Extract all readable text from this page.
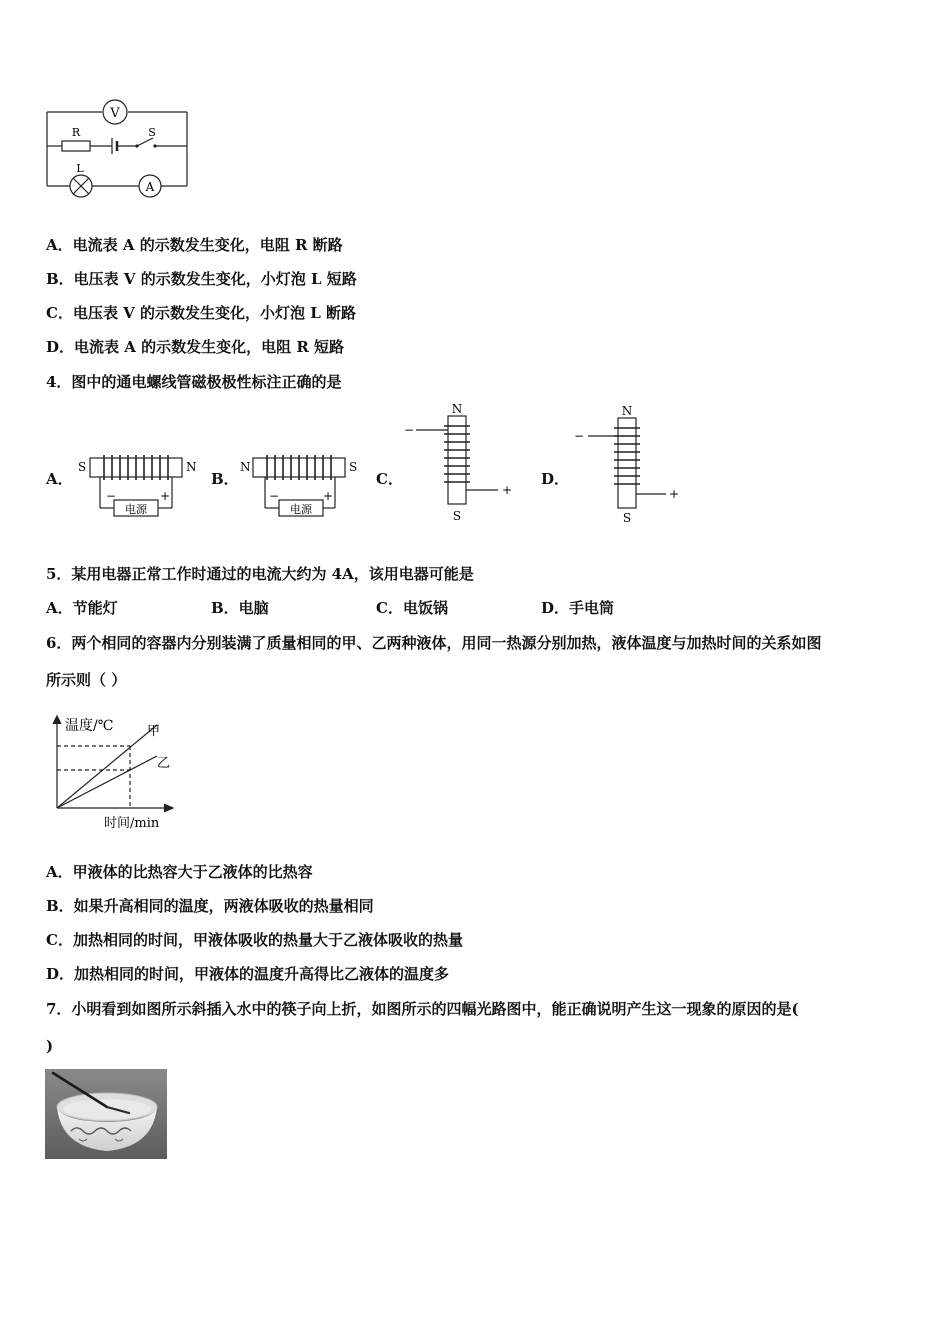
V
A
R	S
L
A．电流表 A 的示数发生变化，电阻 R 断路
B．电压表 V 的示数发生变化，小灯泡 L 短路
C．电压表 V 的示数发生变化，小灯泡 L 断路
D．电流表 A 的示数发生变化，电阻 R 短路
4．图中的通电螺线管磁极极性标注正确的是
A．	B．	C．	D．
S	N
电源
−	+
N	S
电源
−	+
N
S
−
+
N
S
−
+
5．某用电器正常工作时通过的电流大约为 4A，该用电器可能是
A．节能灯	B．电脑	C．电饭锅	D．手电筒
6．两个相同的容器内分别装满了质量相同的甲、乙两种液体，用同一热源分别加热，液体温度与加热时间的关系如图
所示则（ ）
温度/℃	甲
乙
时间/min
A．甲液体的比热容大于乙液体的比热容
B．如果升高相同的温度，两液体吸收的热量相同
C．加热相同的时间，甲液体吸收的热量大于乙液体吸收的热量
D．加热相同的时间，甲液体的温度升高得比乙液体的温度多
7．小明看到如图所示斜插入水中的筷子向上折，如图所示的四幅光路图中，能正确说明产生这一现象的原因的是(
)
